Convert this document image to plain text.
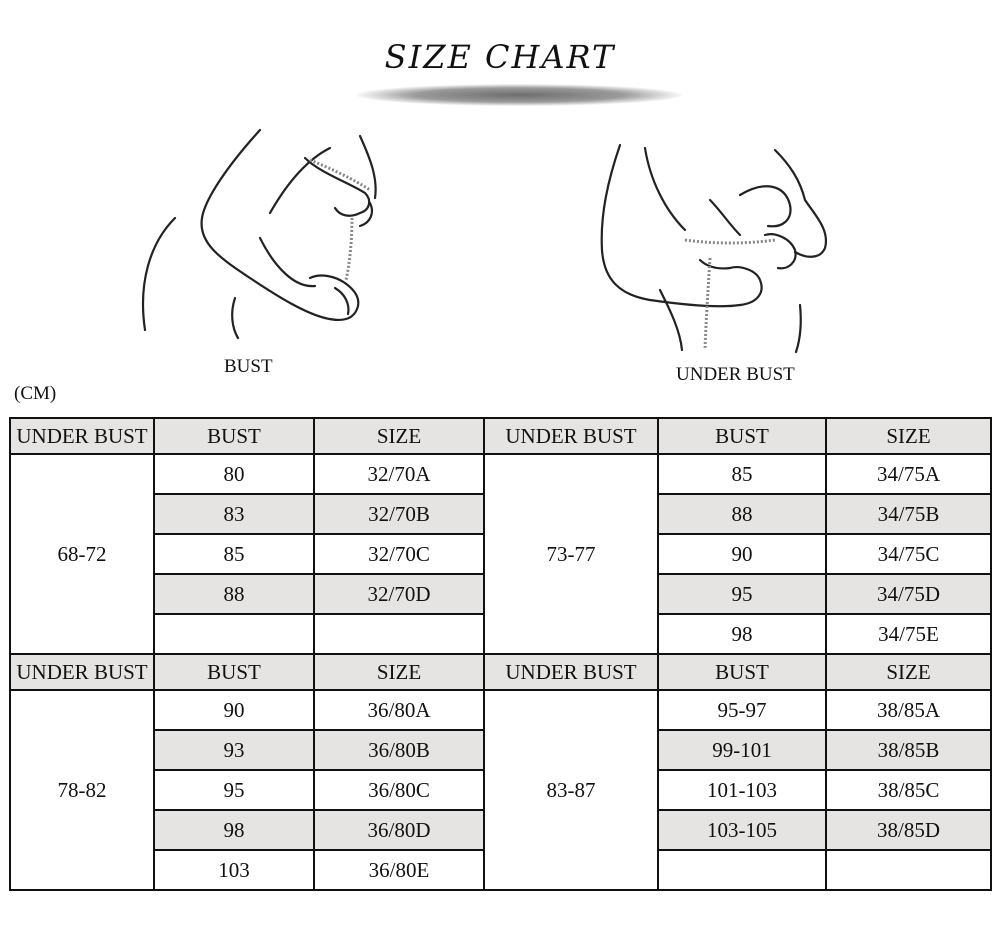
SIZE CHART
BUST	UNDER BUST
(CM)
UNDER BUST	BUST	SIZE	UNDER BUST	BUST	SIZE
68-72	80	32/70A	73-77	85	34/75A
	83	32/70B		88	34/75B
	85	32/70C		90	34/75C
	88	32/70D		95	34/75D
				98	34/75E
UNDER BUST	BUST	SIZE	UNDER BUST	BUST	SIZE
78-82	90	36/80A	83-87	95-97	38/85A
	93	36/80B		99-101	38/85B
	95	36/80C		101-103	38/85C
	98	36/80D		103-105	38/85D
	103	36/80E			
